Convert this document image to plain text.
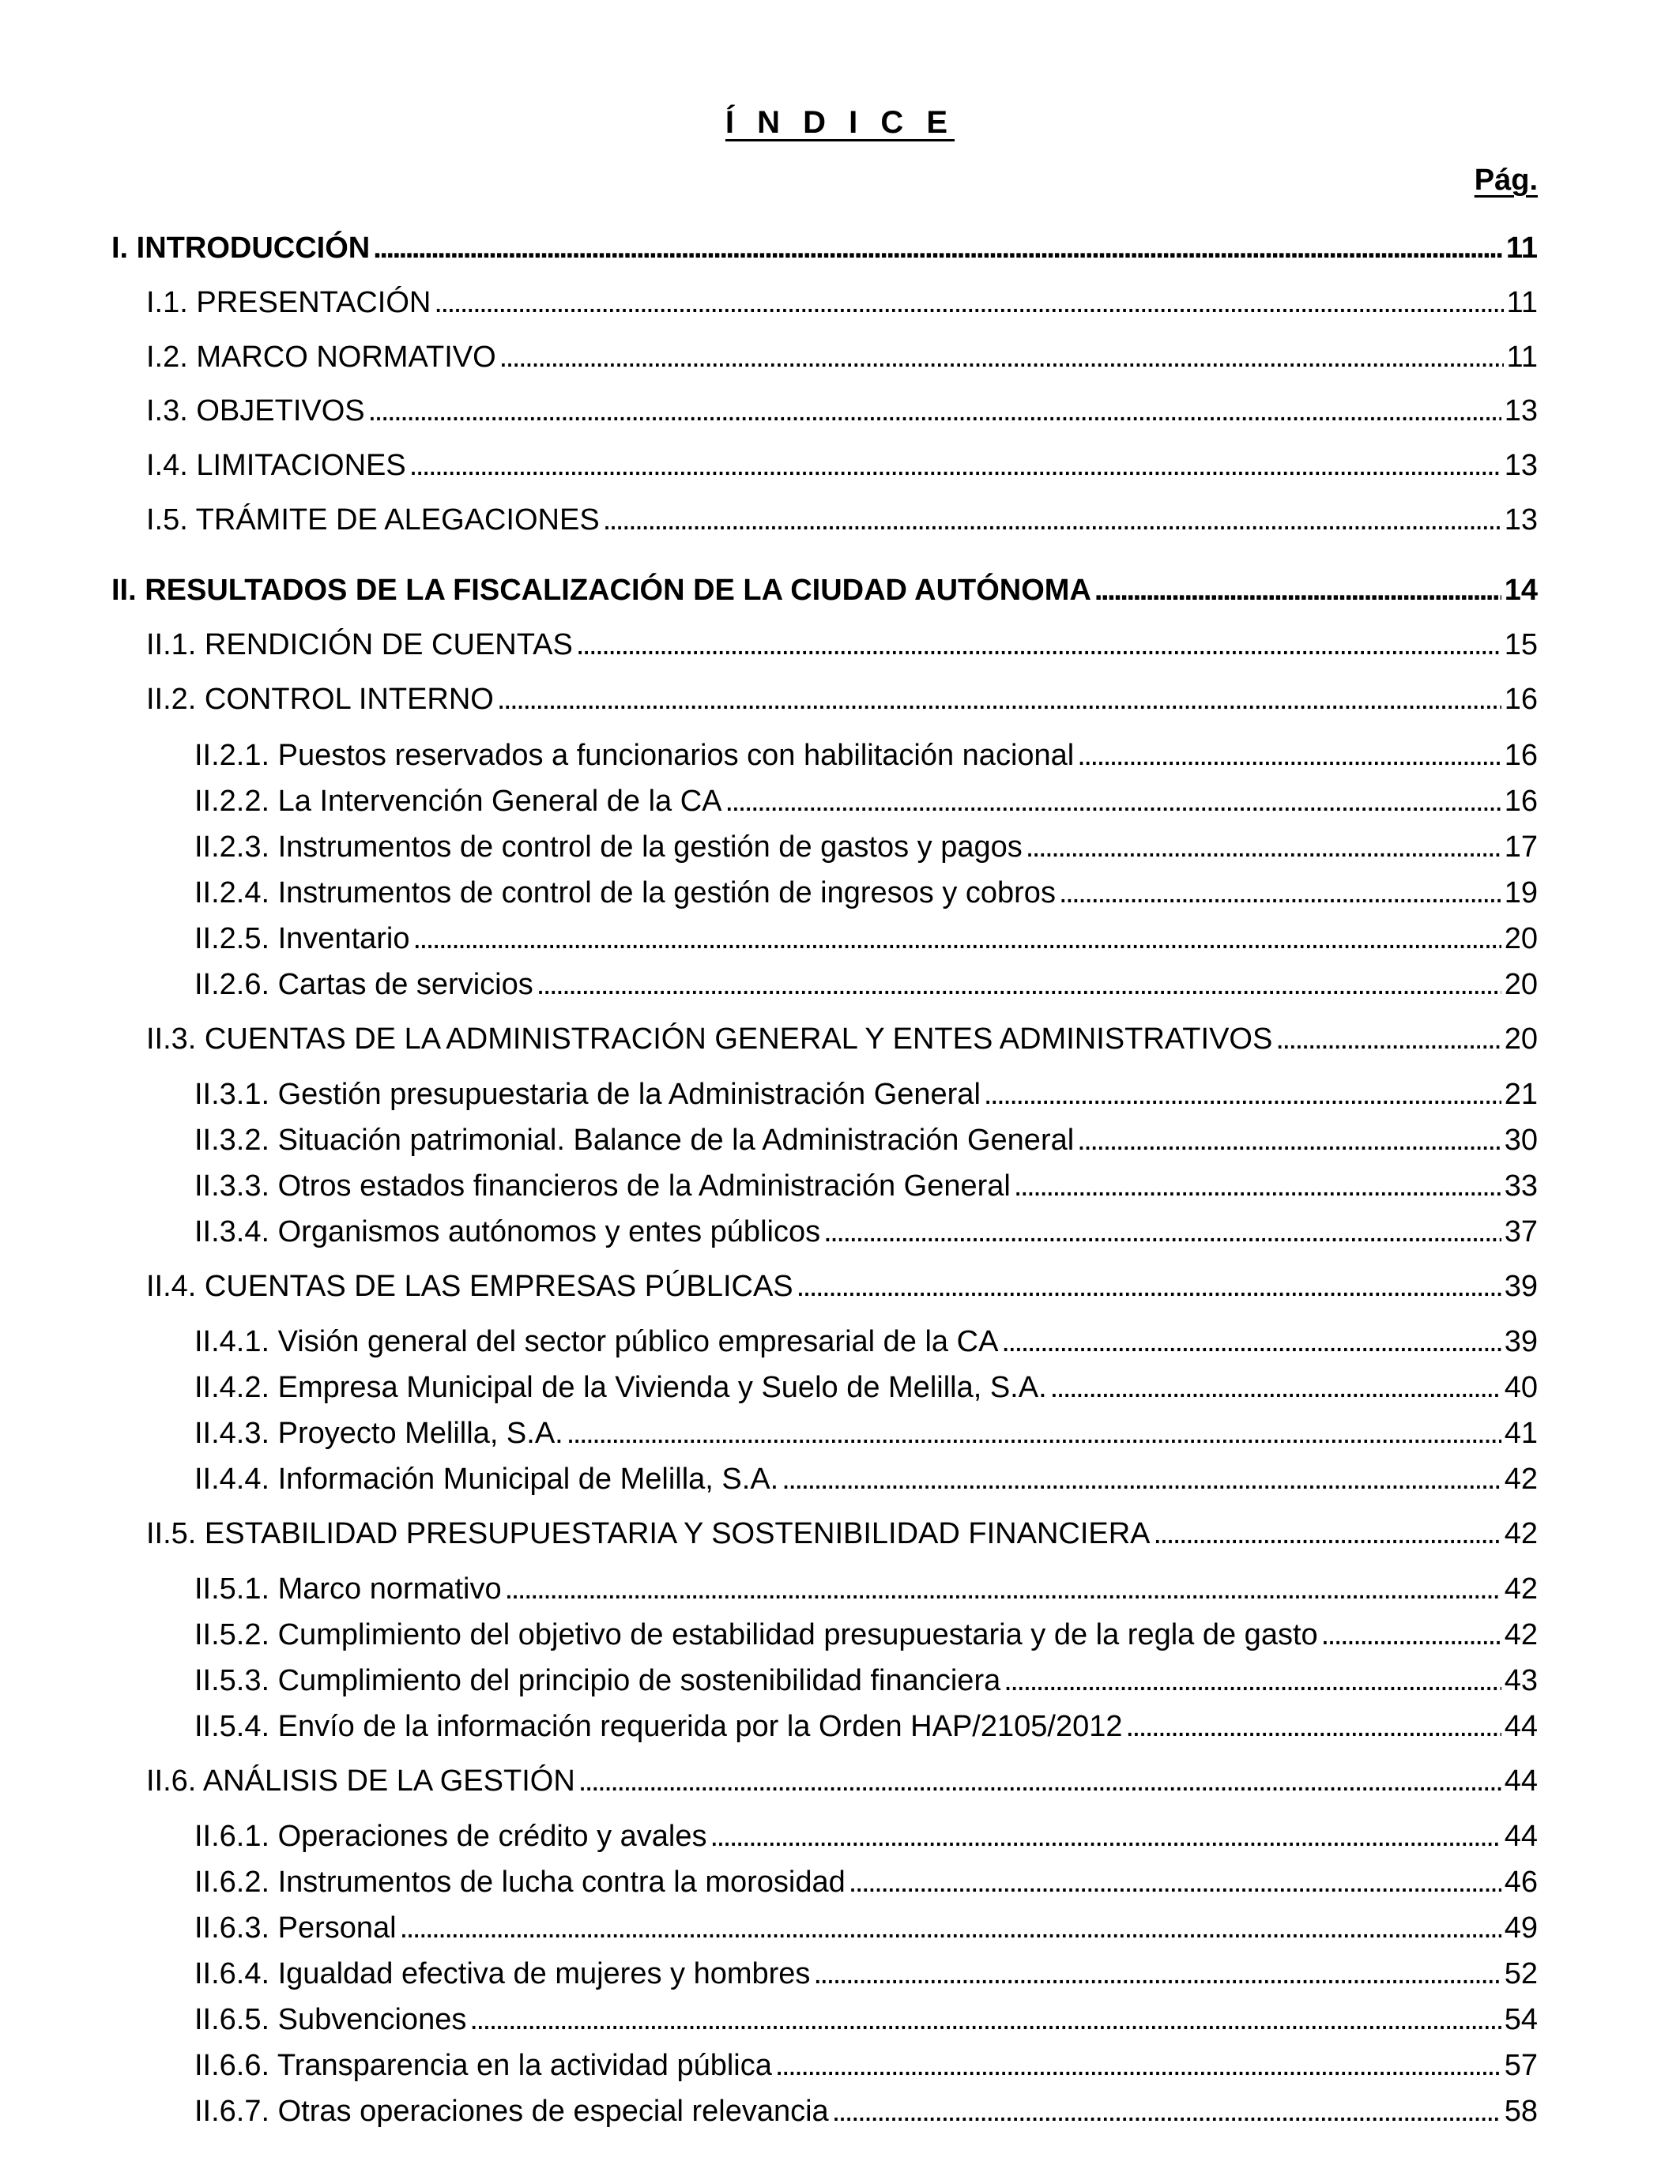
Í N D I C E
Pág.
I. INTRODUCCIÓN . . .	11
I.1. PRESENTACIÓN . . .	11
I.2. MARCO NORMATIVO . . .	11
I.3. OBJETIVOS . . .	13
I.4. LIMITACIONES . . .	13
I.5. TRÁMITE DE ALEGACIONES . . .	13
II. RESULTADOS DE LA FISCALIZACIÓN DE LA CIUDAD AUTÓNOMA . . .	14
II.1. RENDICIÓN DE CUENTAS . . .	15
II.2. CONTROL INTERNO . . .	16
II.2.1. Puestos reservados a funcionarios con habilitación nacional . . .	16
II.2.2. La Intervención General de la CA . . .	16
II.2.3. Instrumentos de control de la gestión de gastos y pagos . . .	17
II.2.4. Instrumentos de control de la gestión de ingresos y cobros . . .	19
II.2.5. Inventario . . .	20
II.2.6. Cartas de servicios . . .	20
II.3. CUENTAS DE LA ADMINISTRACIÓN GENERAL Y ENTES ADMINISTRATIVOS . . .	20
II.3.1. Gestión presupuestaria de la Administración General . . .	21
II.3.2. Situación patrimonial. Balance de la Administración General . . .	30
II.3.3. Otros estados financieros de la Administración General . . .	33
II.3.4. Organismos autónomos y entes públicos . . .	37
II.4. CUENTAS DE LAS EMPRESAS PÚBLICAS . . .	39
II.4.1. Visión general del sector público empresarial de la CA . . .	39
II.4.2. Empresa Municipal de la Vivienda y Suelo de Melilla, S.A. . . .	40
II.4.3. Proyecto Melilla, S.A. . . .	41
II.4.4. Información Municipal de Melilla, S.A. . . .	42
II.5. ESTABILIDAD PRESUPUESTARIA Y SOSTENIBILIDAD FINANCIERA . . .	42
II.5.1. Marco normativo . . .	42
II.5.2. Cumplimiento del objetivo de estabilidad presupuestaria y de la regla de gasto . . .	42
II.5.3. Cumplimiento del principio de sostenibilidad financiera . . .	43
II.5.4. Envío de la información requerida por la Orden HAP/2105/2012 . . .	44
II.6. ANÁLISIS DE LA GESTIÓN . . .	44
II.6.1. Operaciones de crédito y avales . . .	44
II.6.2. Instrumentos de lucha contra la morosidad . . .	46
II.6.3. Personal . . .	49
II.6.4. Igualdad efectiva de mujeres y hombres . . .	52
II.6.5. Subvenciones . . .	54
II.6.6. Transparencia en la actividad pública . . .	57
II.6.7. Otras operaciones de especial relevancia . . .	58
